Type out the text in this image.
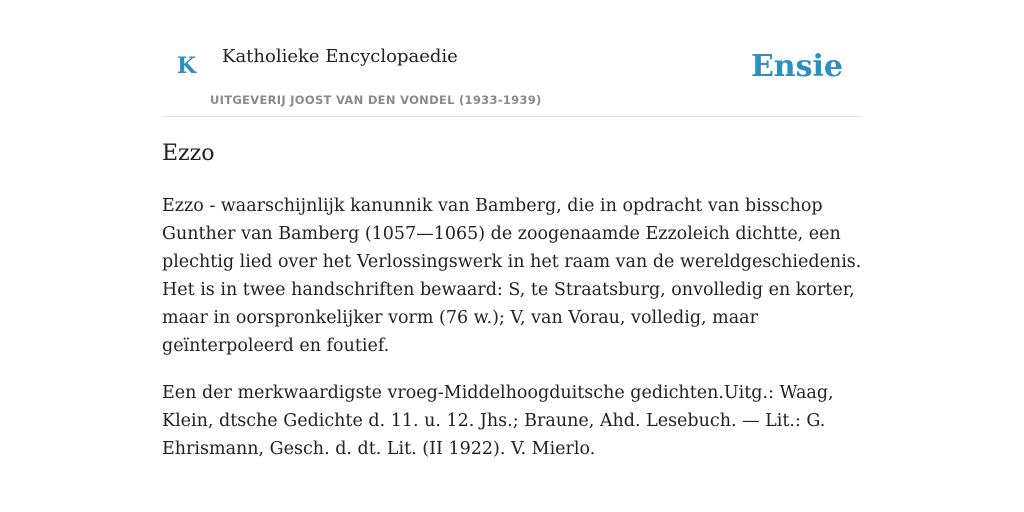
K Katholieke Encyclopaedie
UITGEVERIJ JOOST VAN DEN VONDEL (1933-1939)
Ensie
Ezzo

Ezzo - waarschijnlijk kanunnik van Bamberg, die in opdracht van bisschop Gunther van Bamberg (1057—1065) de zoogenaamde Ezzoleich dichtte, een plechtig lied over het Verlossingswerk in het raam van de wereldgeschiedenis. Het is in twee handschriften bewaard: S, te Straatsburg, onvolledig en korter, maar in oorspronkelijker vorm (76 w.); V, van Vorau, volledig, maar geïnterpoleerd en foutief.

Een der merkwaardigste vroeg-Middelhoogduitsche gedichten.Uitg.: Waag, Klein, dtsche Gedichte d. 11. u. 12. Jhs.; Braune, Ahd. Lesebuch. — Lit.: G. Ehrismann, Gesch. d. dt. Lit. (II 1922). V. Mierlo.
